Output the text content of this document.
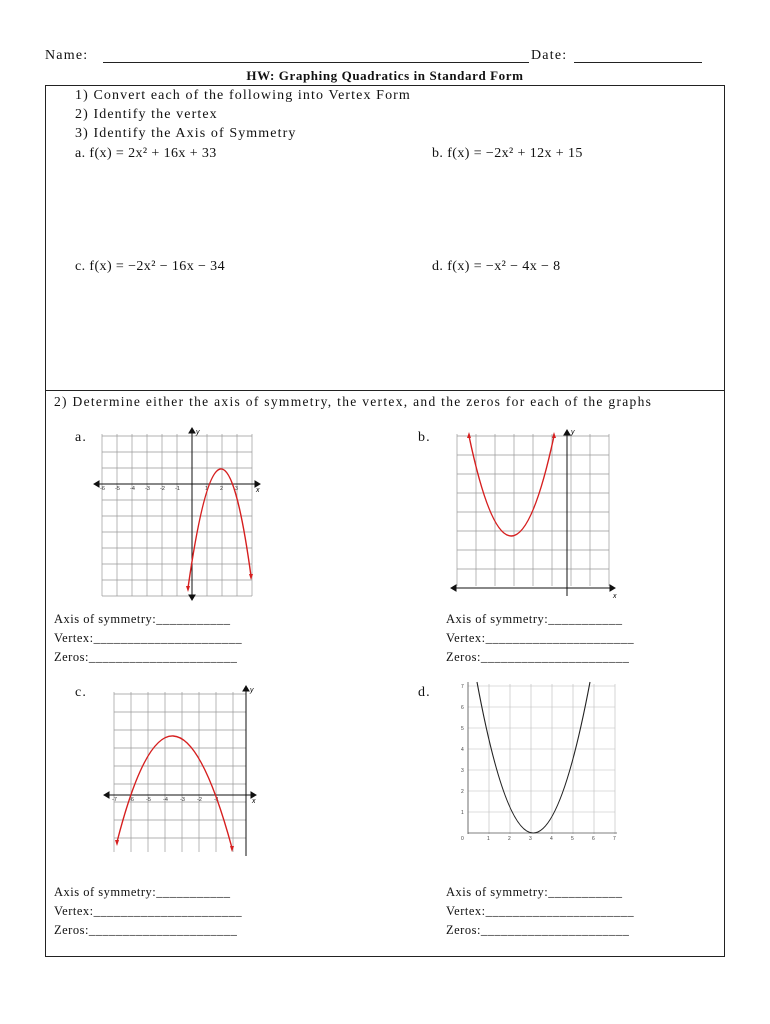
Name:	Date:
HW: Graphing Quadratics in Standard Form
1) Convert each of the following into Vertex Form
2) Identify the vertex
3) Identify the Axis of Symmetry
a. f(x) = 2x² + 16x + 33	b. f(x) = −2x² + 12x + 15
c. f(x) = −2x² − 16x − 34	d. f(x) = −x² − 4x − 8
2) Determine either the axis of symmetry, the vertex, and the zeros for each of the graphs
a.	b.
c.	d.
y
x
-6 -5 -4 -3 -2 -1	1 2 3
y
x
Axis of symmetry:___________
Vertex:______________________
Zeros:______________________
Axis of symmetry:___________
Vertex:______________________
Zeros:______________________
y
x
-7 -6 -5 -4 -3 -2 -1
0	1	2	3	4	5	6	7
1
2
3
4
5
6
7
Axis of symmetry:___________
Vertex:______________________
Zeros:______________________
Axis of symmetry:___________
Vertex:______________________
Zeros:______________________
